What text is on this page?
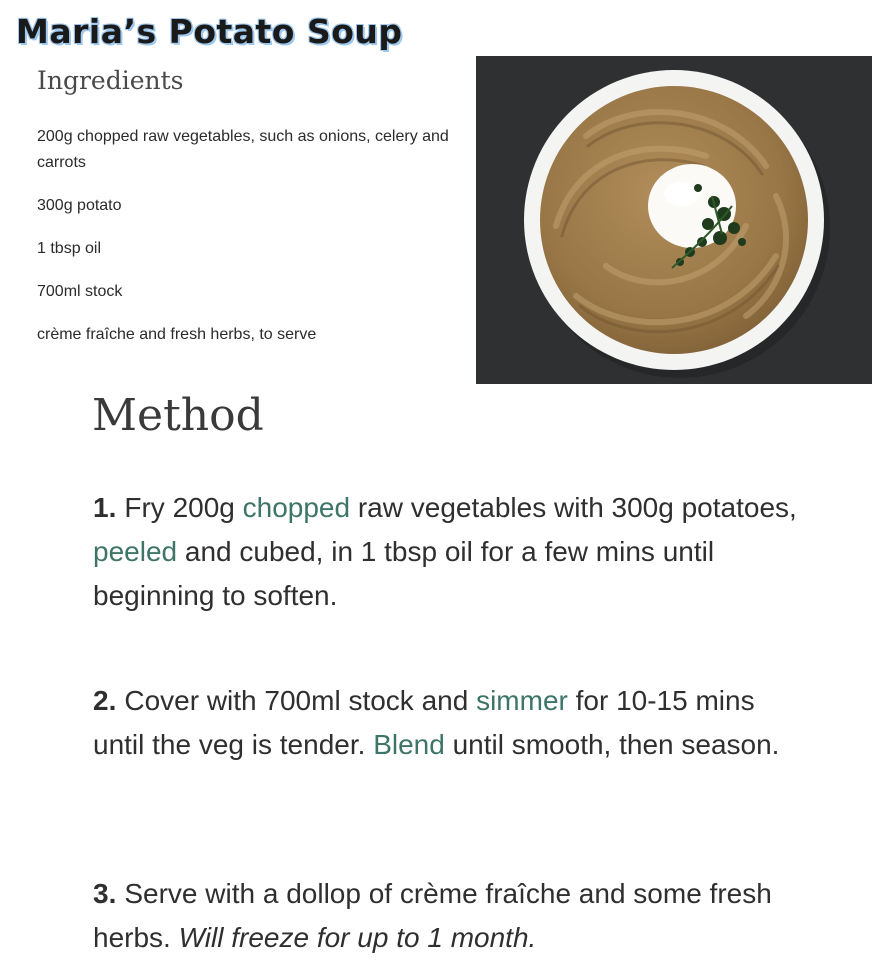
Maria’s Potato Soup
Ingredients
200g chopped raw vegetables, such as onions, celery and carrots
300g potato
1 tbsp oil
700ml stock
crème fraîche and fresh herbs, to serve
Method

1. Fry 200g chopped raw vegetables with 300g potatoes, peeled and cubed, in 1 tbsp oil for a few mins until beginning to soften.

2. Cover with 700ml stock and simmer for 10-15 mins until the veg is tender. Blend until smooth, then season.

3. Serve with a dollop of crème fraîche and some fresh herbs. Will freeze for up to 1 month.
